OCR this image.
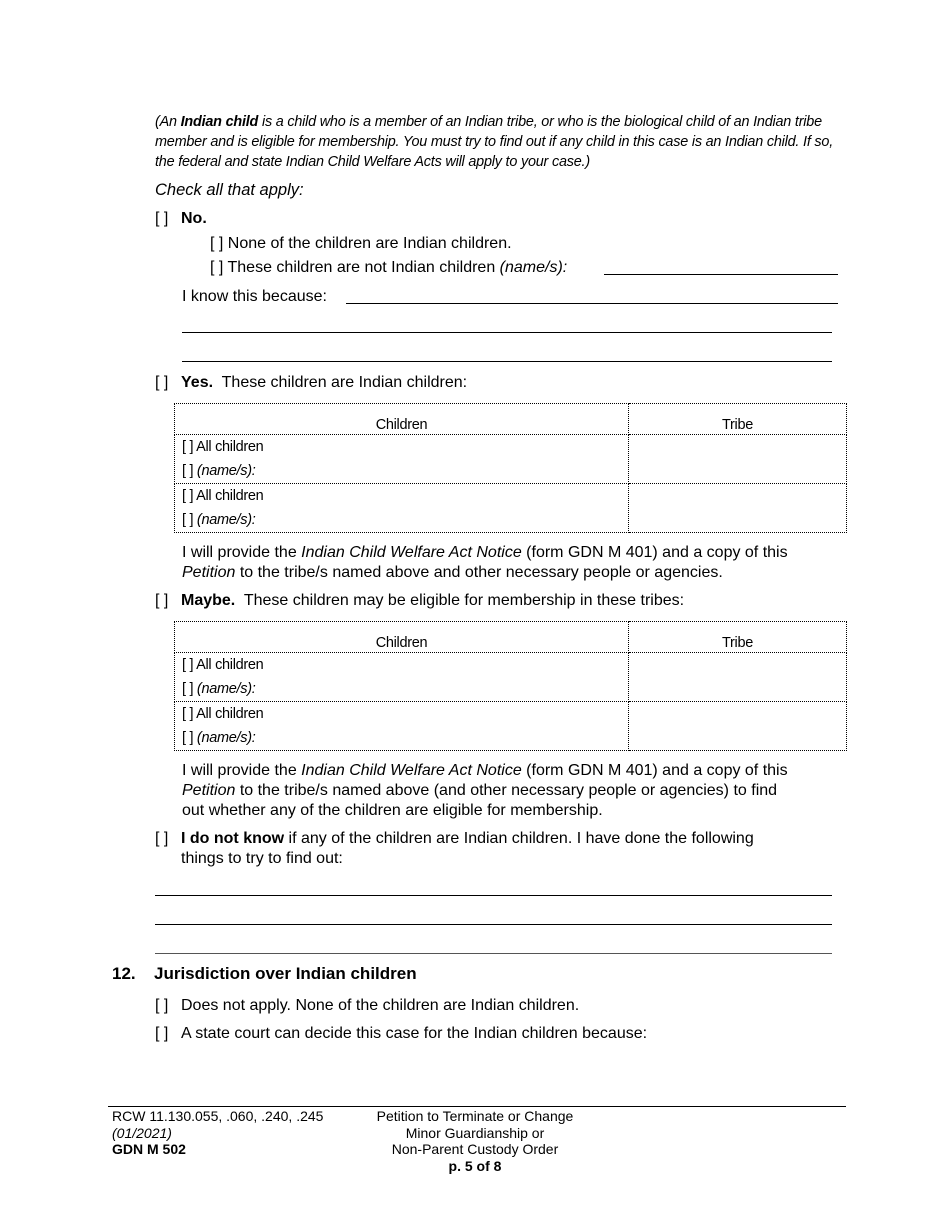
(An Indian child is a child who is a member of an Indian tribe, or who is the biological child of an Indian tribe member and is eligible for membership. You must try to find out if any child in this case is an Indian child. If so, the federal and state Indian Child Welfare Acts will apply to your case.)
Check all that apply:
[ ] No.
[ ] None of the children are Indian children.
[ ] These children are not Indian children (name/s):
I know this because:
[ ] Yes. These children are Indian children:
Children	Tribe

[ ] All children
[ ] (name/s):	

[ ] All children
[ ] (name/s):	

I will provide the Indian Child Welfare Act Notice (form GDN M 401) and a copy of this
Petition to the tribe/s named above and other necessary people or agencies.
[ ] Maybe. These children may be eligible for membership in these tribes:
Children	Tribe

[ ] All children
[ ] (name/s):	

[ ] All children
[ ] (name/s):	

I will provide the Indian Child Welfare Act Notice (form GDN M 401) and a copy of this
Petition to the tribe/s named above (and other necessary people or agencies) to find
out whether any of the children are eligible for membership.
[ ] I do not know if any of the children are Indian children. I have done the following
things to try to find out:
12. Jurisdiction over Indian children
[ ] Does not apply. None of the children are Indian children.
[ ] A state court can decide this case for the Indian children because:
RCW 11.130.055, .060, .240, .245
(01/2021)
GDN M 502
Petition to Terminate or Change
Minor Guardianship or
Non-Parent Custody Order
p. 5 of 8
